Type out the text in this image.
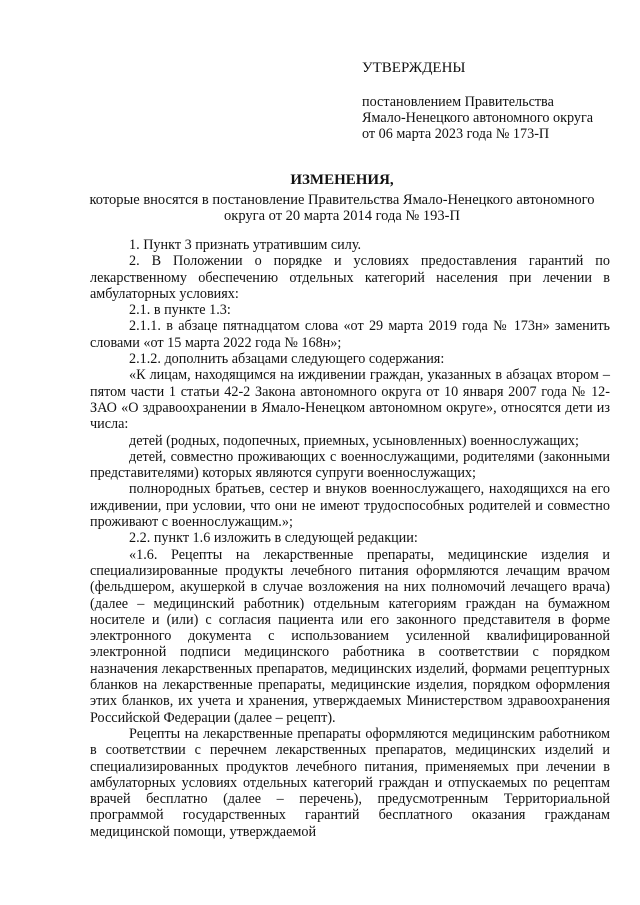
УТВЕРЖДЕНЫ
постановлением Правительства
Ямало-Ненецкого автономного округа
от 06 марта 2023 года № 173-П
ИЗМЕНЕНИЯ,
которые вносятся в постановление Правительства Ямало-Ненецкого автономного округа от 20 марта 2014 года № 193-П

1. Пункт 3 признать утратившим силу.

2. В Положении о порядке и условиях предоставления гарантий по лекарственному обеспечению отдельных категорий населения при лечении в амбулаторных условиях:

2.1. в пункте 1.3:

2.1.1. в абзаце пятнадцатом слова «от 29 марта 2019 года № 173н» заменить словами «от 15 марта 2022 года № 168н»;

2.1.2. дополнить абзацами следующего содержания:

«К лицам, находящимся на иждивении граждан, указанных в абзацах втором – пятом части 1 статьи 42-2 Закона автономного округа от 10 января 2007 года № 12-ЗАО «О здравоохранении в Ямало-Ненецком автономном округе», относятся дети из числа:

детей (родных, подопечных, приемных, усыновленных) военнослужащих;

детей, совместно проживающих с военнослужащими, родителями (законными представителями) которых являются супруги военнослужащих;

полнородных братьев, сестер и внуков военнослужащего, находящихся на его иждивении, при условии, что они не имеют трудоспособных родителей и совместно проживают с военнослужащим.»;

2.2. пункт 1.6 изложить в следующей редакции:

«1.6. Рецепты на лекарственные препараты, медицинские изделия и специализированные продукты лечебного питания оформляются лечащим врачом (фельдшером, акушеркой в случае возложения на них полномочий лечащего врача) (далее – медицинский работник) отдельным категориям граждан на бумажном носителе и (или) с согласия пациента или его законного представителя в форме электронного документа с использованием усиленной квалифицированной электронной подписи медицинского работника в соответствии с порядком назначения лекарственных препаратов, медицинских изделий, формами рецептурных бланков на лекарственные препараты, медицинские изделия, порядком оформления этих бланков, их учета и хранения, утверждаемых Министерством здравоохранения Российской Федерации (далее – рецепт).

Рецепты на лекарственные препараты оформляются медицинским работником в соответствии с перечнем лекарственных препаратов, медицинских изделий и специализированных продуктов лечебного питания, применяемых при лечении в амбулаторных условиях отдельных категорий граждан и отпускаемых по рецептам врачей бесплатно (далее – перечень), предусмотренным Территориальной программой государственных гарантий бесплатного оказания гражданам медицинской помощи, утверждаемой
